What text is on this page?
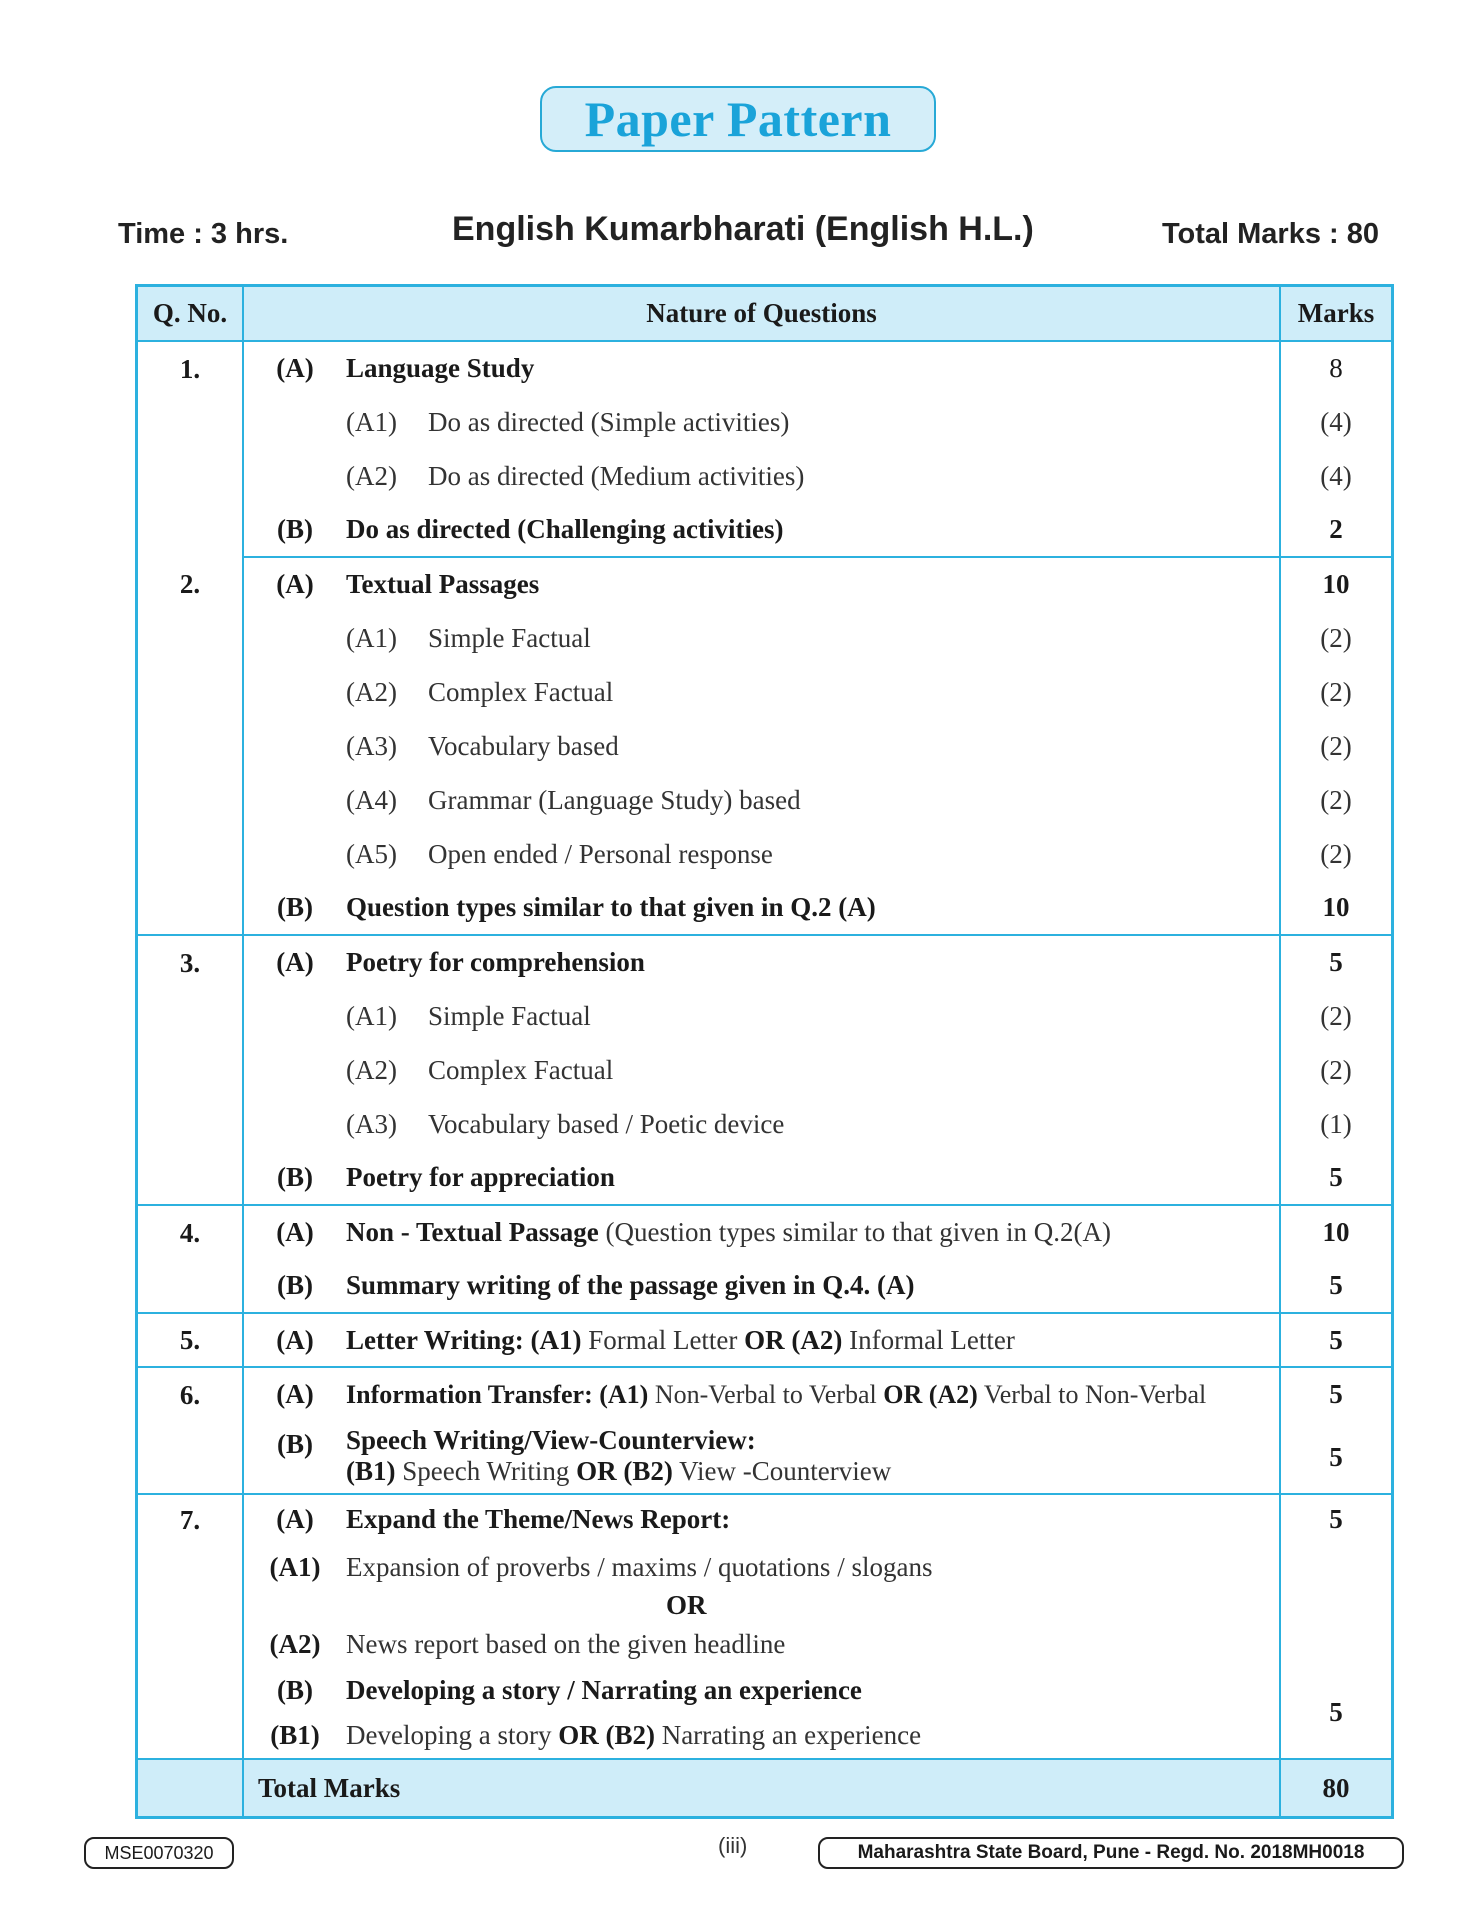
Paper Pattern
Time : 3 hrs.	English Kumarbharati (English H.L.)	Total Marks : 80
Q. No.	Nature of Questions		Marks
1.	(A)	Language Study	8
		(A1) Do as directed (Simple activities)	(4)
		(A2) Do as directed (Medium activities)	(4)
	(B)	Do as directed (Challenging activities)	2
2.	(A)	Textual Passages	10
		(A1) Simple Factual	(2)
		(A2) Complex Factual	(2)
		(A3) Vocabulary based	(2)
		(A4) Grammar (Language Study) based	(2)
		(A5) Open ended / Personal response	(2)
	(B)	Question types similar to that given in Q.2 (A)	10
3.	(A)	Poetry for comprehension	5
		(A1) Simple Factual	(2)
		(A2) Complex Factual	(2)
		(A3) Vocabulary based / Poetic device	(1)
	(B)	Poetry for appreciation	5
4.	(A)	Non - Textual Passage (Question types similar to that given in Q.2(A)	10
	(B)	Summary writing of the passage given in Q.4. (A)	5
5.	(A)	Letter Writing: (A1) Formal Letter OR (A2) Informal Letter	5
6.	(A)	Information Transfer: (A1) Non-Verbal to Verbal OR (A2) Verbal to Non-Verbal	5
	(B)	Speech Writing/View-Counterview:
(B1) Speech Writing OR (B2) View -Counterview	5
7.	(A)	Expand the Theme/News Report:	5
	(A1)	Expansion of proverbs / maxims / quotations / slogans	
		OR	
	(A2)	News report based on the given headline	
	(B)	Developing a story / Narrating an experience	5
	(B1)	Developing a story OR (B2) Narrating an experience	
	Total Marks		80
MSE0070320	(iii)	Maharashtra State Board, Pune - Regd. No. 2018MH0018
